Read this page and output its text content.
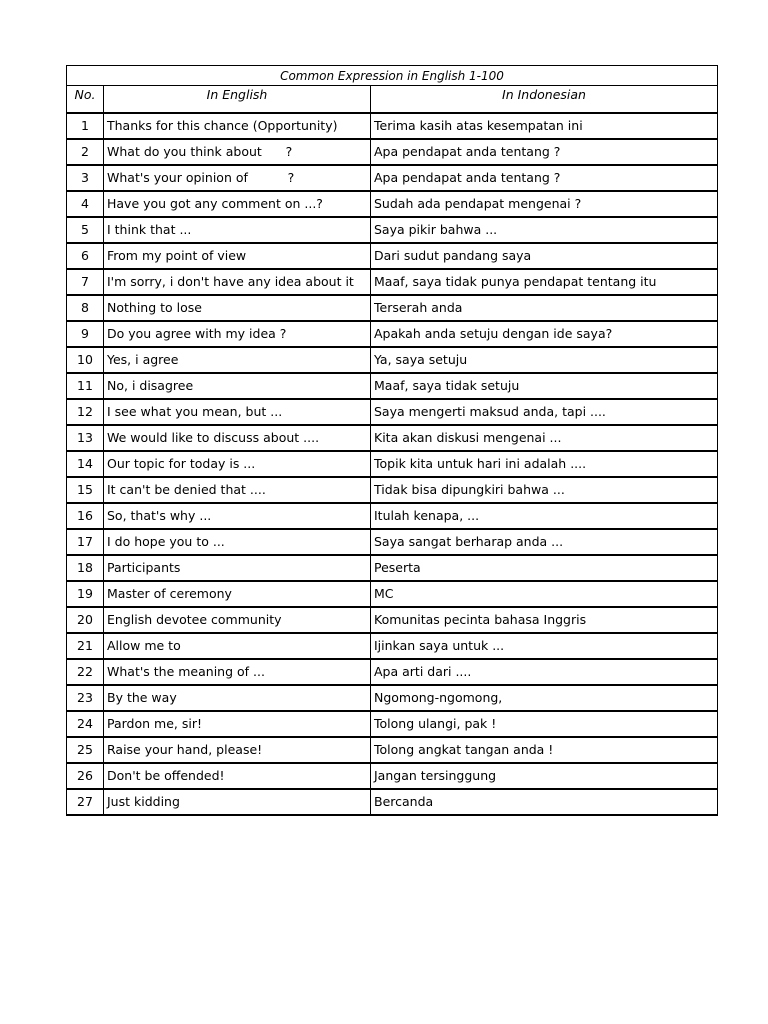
Common Expression in English 1-100		
No.	In English	In Indonesian
1	Thanks for this chance (Opportunity)	Terima kasih atas kesempatan ini
2	What do you think about      ?	Apa pendapat anda tentang ?
3	What's your opinion of          ?	Apa pendapat anda tentang ?
4	Have you got any comment on ...?	Sudah ada pendapat mengenai ?
5	I think that ...	Saya pikir bahwa ...
6	From my point of view	Dari sudut pandang saya
7	I'm sorry, i don't have any idea about it	Maaf, saya tidak punya pendapat tentang itu
8	Nothing to lose	Terserah anda
9	Do you agree with my idea ?	Apakah anda setuju dengan ide saya?
10	Yes, i agree	Ya, saya setuju
11	No, i disagree	Maaf, saya tidak setuju
12	I see what you mean, but ...	Saya mengerti maksud anda, tapi ....
13	We would like to discuss about ....	Kita akan diskusi mengenai ...
14	Our topic for today is ...	Topik kita untuk hari ini adalah ....
15	It can't be denied that ....	Tidak bisa dipungkiri bahwa ...
16	So, that's why ...	Itulah kenapa, ...
17	I do hope you to ...	Saya sangat berharap anda ...
18	Participants	Peserta
19	Master of ceremony	MC
20	English devotee community	Komunitas pecinta bahasa Inggris
21	Allow me to	Ijinkan saya untuk ...
22	What's the meaning of ...	Apa arti dari ....
23	By the way	Ngomong-ngomong,
24	Pardon me, sir!	Tolong ulangi, pak !
25	Raise your hand, please!	Tolong angkat tangan anda !
26	Don't be offended!	Jangan tersinggung
27	Just kidding	Bercanda
